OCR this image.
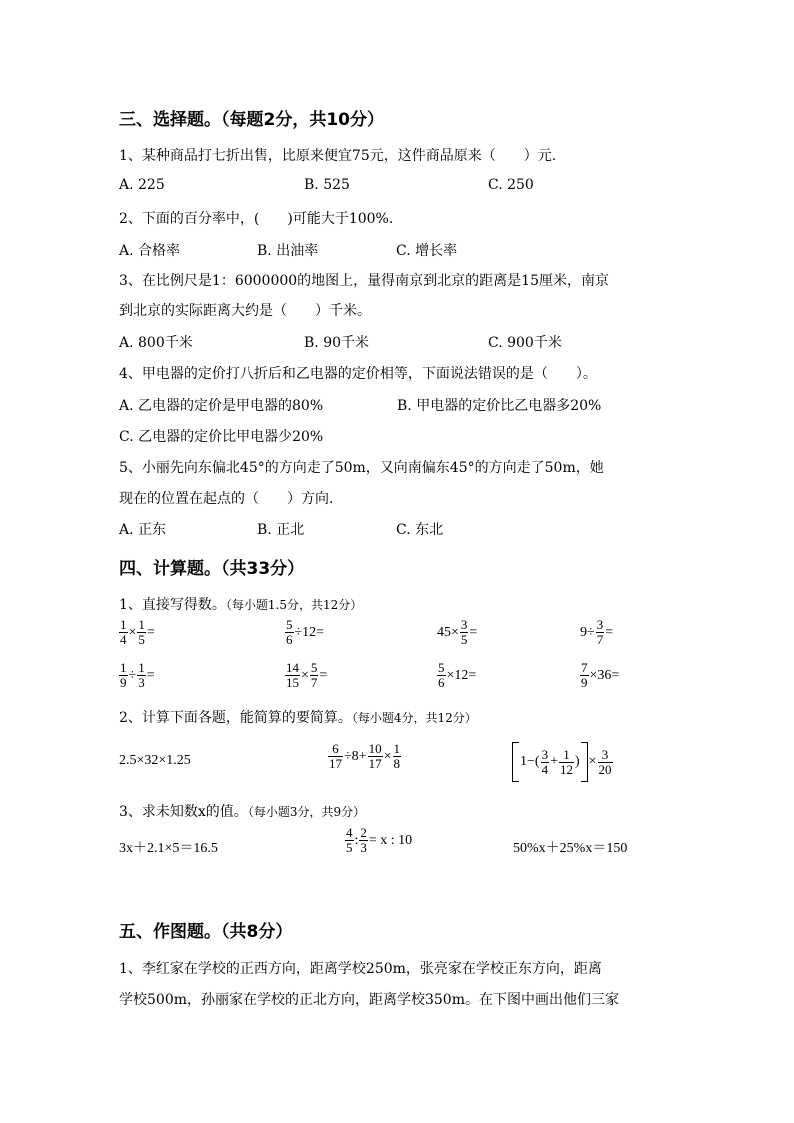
三、选择题。（每题2分，共10分）
1、某种商品打七折出售，比原来便宜75元，这件商品原来（　　）元.
A. 225	B. 525	C. 250
2、下面的百分率中，(　　)可能大于100%.
A. 合格率	B. 出油率	C. 增长率
3、在比例尺是1：6000000的地图上，量得南京到北京的距离是15厘米，南京
到北京的实际距离大约是（　　）千米。
A. 800千米	B. 90千米	C. 900千米
4、甲电器的定价打八折后和乙电器的定价相等，下面说法错误的是（　　）。
A. 乙电器的定价是甲电器的80%	B. 甲电器的定价比乙电器多20%
C. 乙电器的定价比甲电器少20%
5、小丽先向东偏北45°的方向走了50m，又向南偏东45°的方向走了50m，她
现在的位置在起点的（　　）方向.
A. 正东	B. 正北	C. 东北
四、计算题。（共33分）
1、直接写得数。（每小题1.5分，共12分）
$\frac{1}{4} \times \frac{1}{5}$ =	$\frac{5}{6} \div 12=$	$45\times \frac{3}{5}$ =	$9\div \frac{3}{7}$ =
$\frac{1}{9} \div \frac{1}{3}$ =	$\frac{14}{15} \times \frac{5}{7}$ =	$\frac{5}{6} \times 12=$	$\frac{7}{9} \times 36=$
2、计算下面各题，能简算的要简算。（每小题4分，共12分）
2.5×32×1.25	$\frac{6}{17} \div 8+ \frac{10}{17} \times \frac{1}{8}$	$1-( \frac{3}{4} + \frac{1}{12}$ ) × $\frac{3}{20}$
3、求未知数x的值。（每小题3分，共9分）
3x＋2.1×5＝16.5	$\frac{4}{5}$ : $\frac{2}{3} = x$ : 10
50%x＋25%x＝150
五、作图题。（共8分）
1、李红家在学校的正西方向，距离学校250m，张亮家在学校正东方向，距离
学校500m，孙丽家在学校的正北方向，距离学校350m。在下图中画出他们三家
